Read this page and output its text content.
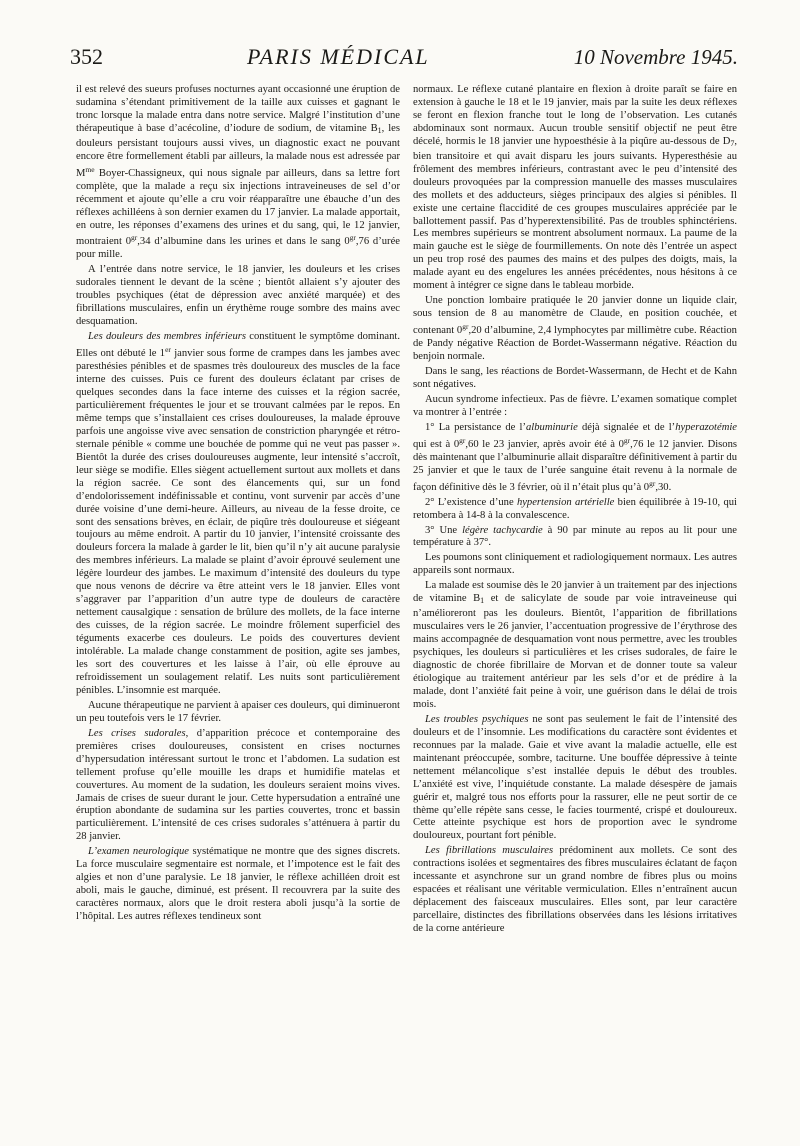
352	PARIS MÉDICAL	10 Novembre 1945.

il est relevé des sueurs profuses nocturnes ayant occasionné une éruption de sudamina s’étendant primitivement de la taille aux cuisses et gagnant le tronc lorsque la malade entra dans notre service. Malgré l’institution d’une thérapeutique à base d’acécoline, d’iodure de sodium, de vitamine $B_1$, les douleurs persistant toujours aussi vives, un diagnostic exact ne pouvant encore être formellement établi par ailleurs, la malade nous est adressée par $M^{me}$ Boyer-Chassigneux, qui nous signale par ailleurs, dans sa lettre fort complète, que la malade a reçu six injections intraveineuses de sel d’or récemment et ajoute qu’elle a cru voir réapparaître une ébauche d’un des réflexes achilléens à son dernier examen du 17 janvier. La malade apportait, en outre, les réponses d’examens des urines et du sang, qui, le 12 janvier, montraient $0^{gr},34$ d’albumine dans les urines et dans le sang $0^{gr},76$ d’urée pour mille.

A l’entrée dans notre service, le 18 janvier, les douleurs et les crises sudorales tiennent le devant de la scène ; bientôt allaient s’y ajouter des troubles psychiques (état de dépression avec anxiété marquée) et des fibrillations musculaires, enfin un érythème rouge sombre des mains avec desquamation.

Les douleurs des membres inférieurs constituent le symptôme dominant. Elles ont débuté le 1er janvier sous forme de crampes dans les jambes avec paresthésies pénibles et de spasmes très douloureux des muscles de la face interne des cuisses. Puis ce furent des douleurs éclatant par crises de quelques secondes dans la face interne des cuisses et la région sacrée, particulièrement fréquentes le jour et se trouvant calmées par le repos. En même temps que s’installaient ces crises douloureuses, la malade éprouve parfois une angoisse vive avec sensation de constriction pharyngée et rétro-sternale pénible « comme une bouchée de pomme qui ne veut pas passer ». Bientôt la durée des crises douloureuses augmente, leur intensité s’accroît, leur siège se modifie. Elles siègent actuellement surtout aux mollets et dans la région sacrée. Ce sont des élancements qui, sur un fond d’endolorissement indéfinissable et continu, vont survenir par accès d’une durée voisine d’une demi-heure. Ailleurs, au niveau de la fesse droite, ce sont des sensations brèves, en éclair, de piqûre très douloureuse et siégeant toujours au même endroit. A partir du 10 janvier, l’intensité croissante des douleurs forcera la malade à garder le lit, bien qu’il n’y ait aucune paralysie des membres inférieurs. La malade se plaint d’avoir éprouvé seulement une légère lourdeur des jambes. Le maximum d’intensité des douleurs du type que nous venons de décrire va être atteint vers le 18 janvier. Elles vont s’aggraver par l’apparition d’un autre type de douleurs de caractère nettement causalgique : sensation de brûlure des mollets, de la face interne des cuisses, de la région sacrée. Le moindre frôlement superficiel des téguments exacerbe ces douleurs. Le poids des couvertures devient intolérable. La malade change constamment de position, agite ses jambes, les sort des couvertures et les laisse à l’air, où elle éprouve au refroidissement un soulagement relatif. Les nuits sont particulièrement pénibles. L’insomnie est marquée.

Aucune thérapeutique ne parvient à apaiser ces douleurs, qui diminueront un peu toutefois vers le 17 février.

Les crises sudorales, d’apparition précoce et contemporaine des premières crises douloureuses, consistent en crises nocturnes d’hypersudation intéressant surtout le tronc et l’abdomen. La sudation est tellement profuse qu’elle mouille les draps et humidifie matelas et couvertures. Au moment de la sudation, les douleurs seraient moins vives. Jamais de crises de sueur durant le jour. Cette hypersudation a entraîné une éruption abondante de sudamina sur les parties couvertes, tronc et bassin particulièrement. L’intensité de ces crises sudorales s’atténuera à partir du 28 janvier.

L’examen neurologique systématique ne montre que des signes discrets. La force musculaire segmentaire est normale, et l’impotence est le fait des algies et non d’une paralysie. Le 18 janvier, le réflexe achilléen droit est aboli, mais le gauche, diminué, est présent. Il recouvrera par la suite des caractères normaux, alors que le droit restera aboli jusqu’à la sortie de l’hôpital. Les autres réflexes tendineux sont

normaux. Le réflexe cutané plantaire en flexion à droite paraît se faire en extension à gauche le 18 et le 19 janvier, mais par la suite les deux réflexes se feront en flexion franche tout le long de l’observation. Les cutanés abdominaux sont normaux. Aucun trouble sensitif objectif ne peut être décelé, hormis le 18 janvier une hypoesthésie à la piqûre au-dessous de $D_7$, bien transitoire et qui avait disparu les jours suivants. Hyperesthésie au frôlement des membres inférieurs, contrastant avec le peu d’intensité des douleurs provoquées par la compression manuelle des masses musculaires des mollets et des adducteurs, sièges principaux des algies si pénibles. Il existe une certaine flaccidité de ces groupes musculaires appréciée par le ballottement passif. Pas d’hyperextensibilité. Pas de troubles sphinctériens. Les membres supérieurs se montrent absolument normaux. La paume de la main gauche est le siège de fourmillements. On note dès l’entrée un aspect un peu trop rosé des paumes des mains et des pulpes des doigts, mais, la malade ayant eu des engelures les années précédentes, nous hésitons à ce moment à intégrer ce signe dans le tableau morbide.

Une ponction lombaire pratiquée le 20 janvier donne un liquide clair, sous tension de 8 au manomètre de Claude, en position couchée, et contenant $0^{gr},20$ d’albumine, 2,4 lymphocytes par millimètre cube. Réaction de Pandy négative Réaction de Bordet-Wassermann négative. Réaction du benjoin normale.

Dans le sang, les réactions de Bordet-Wassermann, de Hecht et de Kahn sont négatives.

Aucun syndrome infectieux. Pas de fièvre. L’examen somatique complet va montrer à l’entrée :

1° La persistance de l’albuminurie déjà signalée et de l’hyperazotémie qui est à $0^{gr},60$ le 23 janvier, après avoir été à $0^{gr},76$ le 12 janvier. Disons dès maintenant que l’albuminurie allait disparaître définitivement à partir du 25 janvier et que le taux de l’urée sanguine était revenu à la normale de façon définitive dès le 3 février, où il n’était plus qu’à $0^{gr},30$.

2° L’existence d’une hypertension artérielle bien équilibrée à 19-10, qui retombera à 14-8 à la convalescence.

3° Une légère tachycardie à 90 par minute au repos au lit pour une température à 37°.

Les poumons sont cliniquement et radiologiquement normaux. Les autres appareils sont normaux.

La malade est soumise dès le 20 janvier à un traitement par des injections de vitamine $B_1$ et de salicylate de soude par voie intraveineuse qui n’amélioreront pas les douleurs. Bientôt, l’apparition de fibrillations musculaires vers le 26 janvier, l’accentuation progressive de l’érythrose des mains accompagnée de desquamation vont nous permettre, avec les troubles psychiques, les douleurs si particulières et les crises sudorales, de faire le diagnostic de chorée fibrillaire de Morvan et de donner toute sa valeur étiologique au traitement antérieur par les sels d’or et de prédire à la malade, dont l’anxiété fait peine à voir, une guérison dans le délai de trois mois.

Les troubles psychiques ne sont pas seulement le fait de l’intensité des douleurs et de l’insomnie. Les modifications du caractère sont évidentes et reconnues par la malade. Gaie et vive avant la maladie actuelle, elle est maintenant préoccupée, sombre, taciturne. Une bouffée dépressive à teinte nettement mélancolique s’est installée depuis le début des troubles. L’anxiété est vive, l’inquiétude constante. La malade désespère de jamais guérir et, malgré tous nos efforts pour la rassurer, elle ne peut sortir de ce thème qu’elle répète sans cesse, le facies tourmenté, crispé et douloureux. Cette atteinte psychique est hors de proportion avec le syndrome douloureux, pourtant fort pénible.

Les fibrillations musculaires prédominent aux mollets. Ce sont des contractions isolées et segmentaires des fibres musculaires éclatant de façon incessante et asynchrone sur un grand nombre de fibres plus ou moins espacées et réalisant une véritable vermiculation. Elles n’entraînent aucun déplacement des faisceaux musculaires. Elles sont, par leur caractère parcellaire, distinctes des fibrillations observées dans les lésions irritatives de la corne antérieure
